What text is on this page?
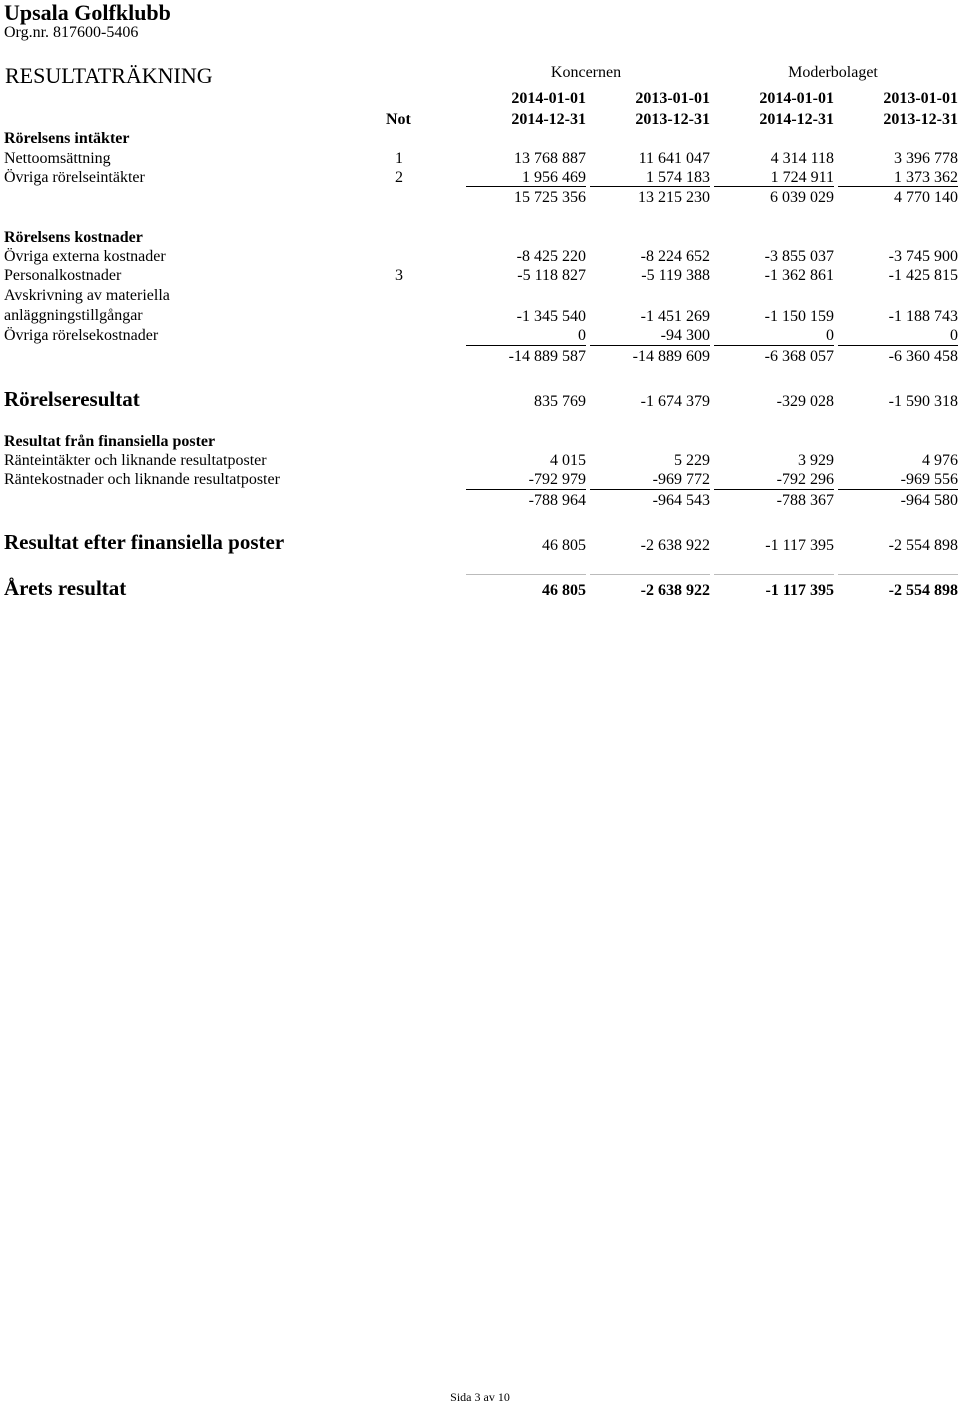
Upsala Golfklubb
Org.nr. 817600-5406
RESULTATRÄKNING	Koncernen	Moderbolaget
2014-01-01	2013-01-01	2014-01-01	2013-01-01
Not	2014-12-31	2013-12-31	2014-12-31	2013-12-31
Rörelsens intäkter
Nettoomsättning	1	13 768 887	11 641 047	4 314 118	3 396 778
Övriga rörelseintäkter	2	1 956 469	1 574 183	1 724 911	1 373 362
15 725 356	13 215 230	6 039 029	4 770 140
Rörelsens kostnader
Övriga externa kostnader	-8 425 220	-8 224 652	-3 855 037	-3 745 900
Personalkostnader	3	-5 118 827	-5 119 388	-1 362 861	-1 425 815
Avskrivning av materiella
anläggningstillgångar	-1 345 540	-1 451 269	-1 150 159	-1 188 743
Övriga rörelsekostnader	0	-94 300	0	0
-14 889 587	-14 889 609	-6 368 057	-6 360 458
Rörelseresultat	835 769	-1 674 379	-329 028	-1 590 318
Resultat från finansiella poster
Ränteintäkter och liknande resultatposter	4 015	5 229	3 929	4 976
Räntekostnader och liknande resultatposter	-792 979	-969 772	-792 296	-969 556
-788 964	-964 543	-788 367	-964 580
Resultat efter finansiella poster	46 805	-2 638 922	-1 117 395	-2 554 898
Årets resultat	46 805	-2 638 922	-1 117 395	-2 554 898
Sida 3 av 10
